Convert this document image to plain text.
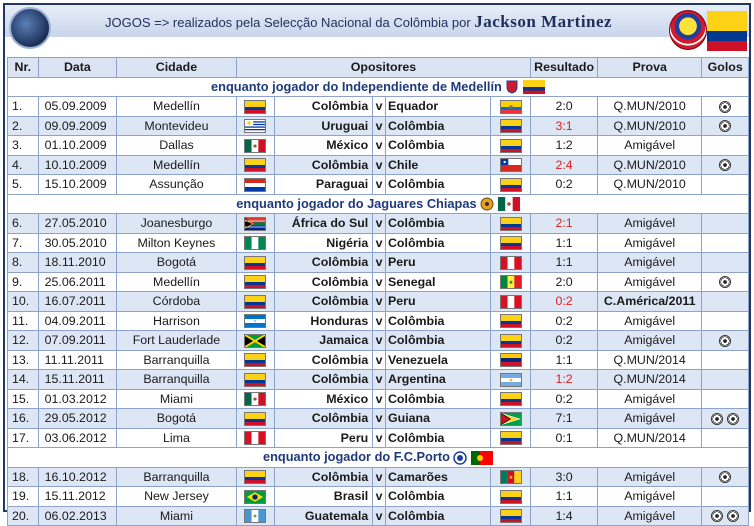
JOGOS => realizados pela Selecção Nacional da Colômbia por Jackson Martinez
Nr.	Data	Cidade	Opositores					Resultado	Prova	Golos
enquanto jogador do Independiente de Medellín										
1.	05.09.2009	Medellín		Colômbia	v	Equador		2:0	Q.MUN/2010	
2.	09.09.2009	Montevideu		Uruguai	v	Colômbia		3:1	Q.MUN/2010	
3.	01.10.2009	Dallas		México	v	Colômbia		1:2	Amigável	
4.	10.10.2009	Medellín		Colômbia	v	Chile		2:4	Q.MUN/2010	
5.	15.10.2009	Assunção		Paraguai	v	Colômbia		0:2	Q.MUN/2010	
enquanto jogador do Jaguares Chiapas										
6.	27.05.2010	Joanesburgo		África do Sul	v	Colômbia		2:1	Amigável	
7.	30.05.2010	Milton Keynes		Nigéria	v	Colômbia		1:1	Amigável	
8.	18.11.2010	Bogotá		Colômbia	v	Peru		1:1	Amigável	
9.	25.06.2011	Medellín		Colômbia	v	Senegal		2:0	Amigável	
10.	16.07.2011	Córdoba		Colômbia	v	Peru		0:2	C.América/2011	
11.	04.09.2011	Harrison		Honduras	v	Colômbia		0:2	Amigável	
12.	07.09.2011	Fort Lauderlade		Jamaica	v	Colômbia		0:2	Amigável	
13.	11.11.2011	Barranquilla		Colômbia	v	Venezuela		1:1	Q.MUN/2014	
14.	15.11.2011	Barranquilla		Colômbia	v	Argentina		1:2	Q.MUN/2014	
15.	01.03.2012	Miami		México	v	Colômbia		0:2	Amigável	
16.	29.05.2012	Bogotá		Colômbia	v	Guiana		7:1	Amigável	
17.	03.06.2012	Lima		Peru	v	Colômbia		0:1	Q.MUN/2014	
enquanto jogador do F.C.Porto										
18.	16.10.2012	Barranquilla		Colômbia	v	Camarões		3:0	Amigável	
19.	15.11.2012	New Jersey		Brasil	v	Colômbia		1:1	Amigável	
20.	06.02.2013	Miami		Guatemala	v	Colômbia		1:4	Amigável	
